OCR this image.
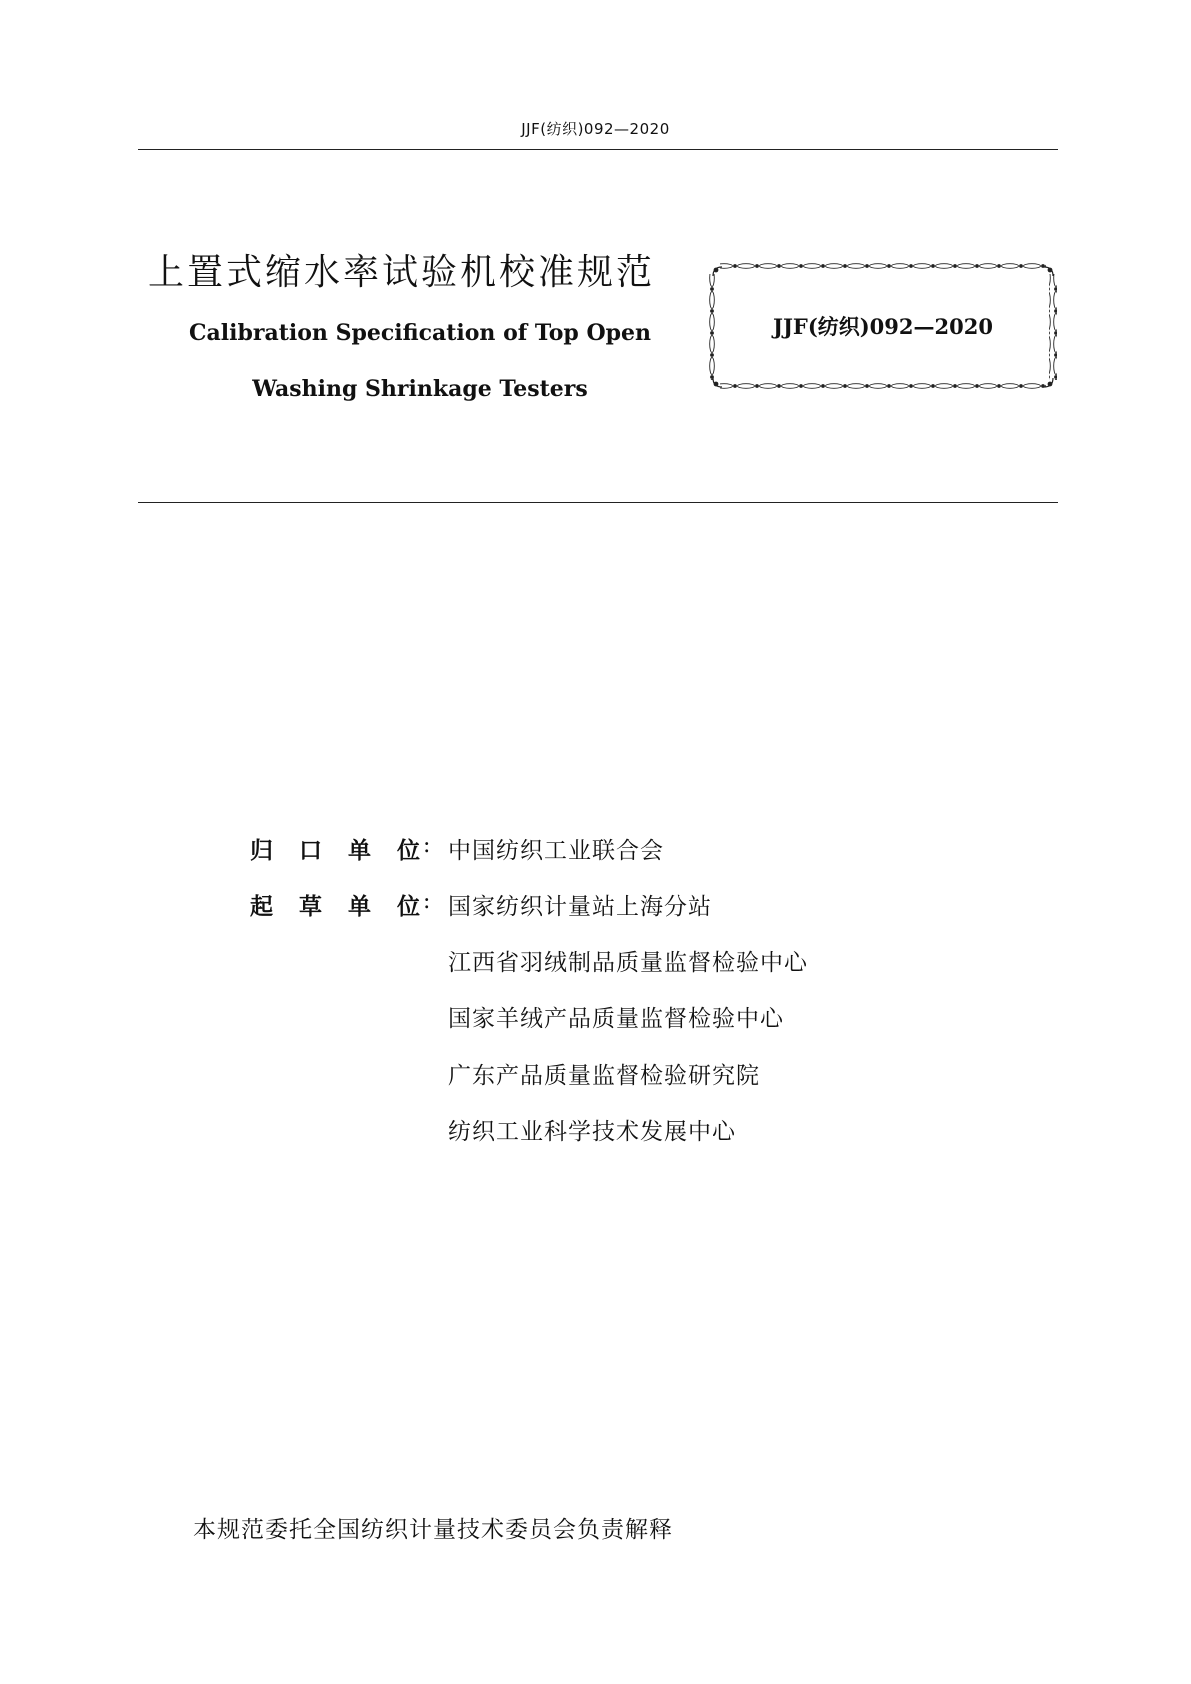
JJF(纺织)092—2020
上置式缩水率试验机校准规范
Calibration Specification of Top Open
Washing Shrinkage Testers
JJF(纺织)092—2020
归 口 单 位 : 中国纺织工业联合会
起 草 单 位 : 国家纺织计量站上海分站
江西省羽绒制品质量监督检验中心
国家羊绒产品质量监督检验中心
广东产品质量监督检验研究院
纺织工业科学技术发展中心
本规范委托全国纺织计量技术委员会负责解释
